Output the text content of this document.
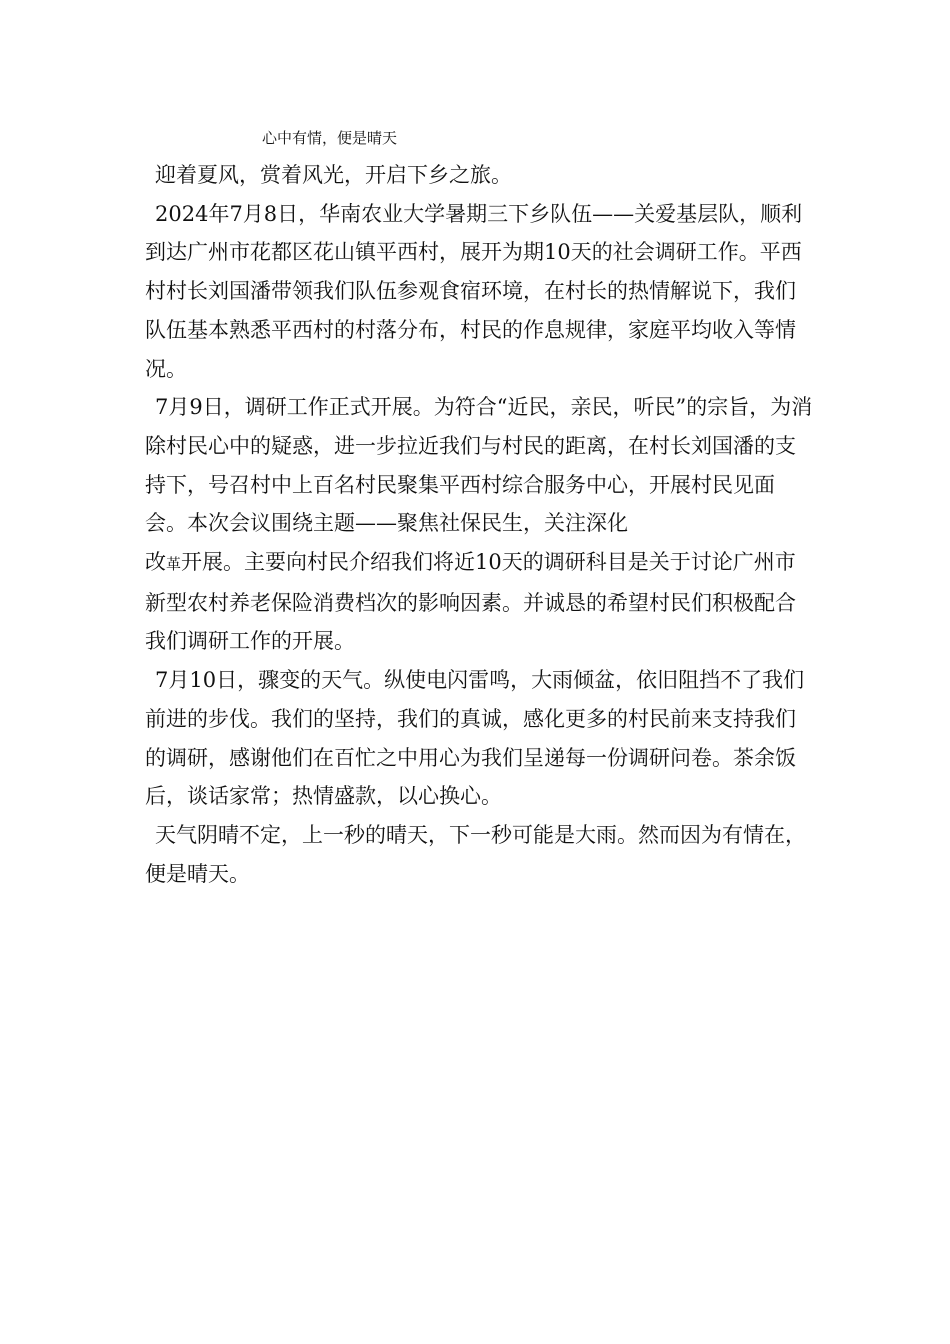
心中有情，便是晴天

迎着夏风，赏着风光，开启下乡之旅。

2024年7月8日，华南农业大学暑期三下乡队伍——关爱基层队，顺利到达广州市花都区花山镇平西村，展开为期10天的社会调研工作。平西村村长刘国潘带领我们队伍参观食宿环境，在村长的热情解说下，我们队伍基本熟悉平西村的村落分布，村民的作息规律，家庭平均收入等情况。

7月9日，调研工作正式开展。为符合“近民，亲民，听民”的宗旨，为消除村民心中的疑惑，进一步拉近我们与村民的距离，在村长刘国潘的支持下，号召村中上百名村民聚集平西村综合服务中心，开展村民见面会。本次会议围绕主题——聚焦社保民生，关注深化
改革开展。主要向村民介绍我们将近10天的调研科目是关于讨论广州市新型农村养老保险消费档次的影响因素。并诚恳的希望村民们积极配合我们调研工作的开展。

7月10日，骤变的天气。纵使电闪雷鸣，大雨倾盆，依旧阻挡不了我们前进的步伐。我们的坚持，我们的真诚，感化更多的村民前来支持我们的调研，感谢他们在百忙之中用心为我们呈递每一份调研问卷。茶余饭后，谈话家常；热情盛款，以心换心。

天气阴晴不定，上一秒的晴天，下一秒可能是大雨。然而因为有情在，便是晴天。
